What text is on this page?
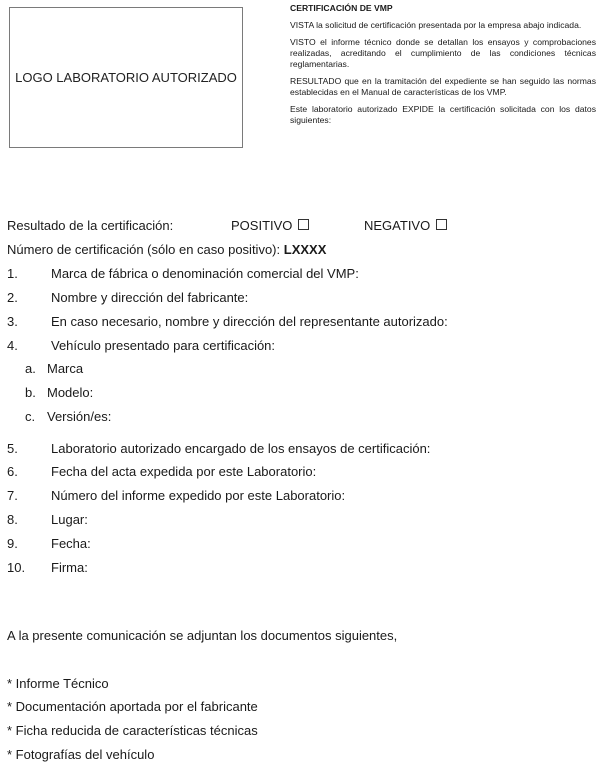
LOGO LABORATORIO AUTORIZADO

CERTIFICACIÓN DE VMP

VISTA la solicitud de certificación presentada por la empresa abajo indicada.

VISTO el informe técnico donde se detallan los ensayos y comprobaciones realizadas, acreditando el cumplimiento de las condiciones técnicas reglamentarias.

RESULTADO que en la tramitación del expediente se han seguido las normas establecidas en el Manual de características de los VMP.

Este laboratorio autorizado EXPIDE la certificación solicitada con los datos siguientes:

Resultado de la certificación:	POSITIVO	NEGATIVO
Número de certificación (sólo en caso positivo): LXXXX
1.	Marca de fábrica o denominación comercial del VMP:
2.	Nombre y dirección del fabricante:
3.	En caso necesario, nombre y dirección del representante autorizado:
4.	Vehículo presentado para certificación:
a. Marca
b. Modelo:
c. Versión/es:
5.	Laboratorio autorizado encargado de los ensayos de certificación:
6.	Fecha del acta expedida por este Laboratorio:
7.	Número del informe expedido por este Laboratorio:
8.	Lugar:
9.	Fecha:
10. Firma:
A la presente comunicación se adjuntan los documentos siguientes,
* Informe Técnico
* Documentación aportada por el fabricante
* Ficha reducida de características técnicas
* Fotografías del vehículo
